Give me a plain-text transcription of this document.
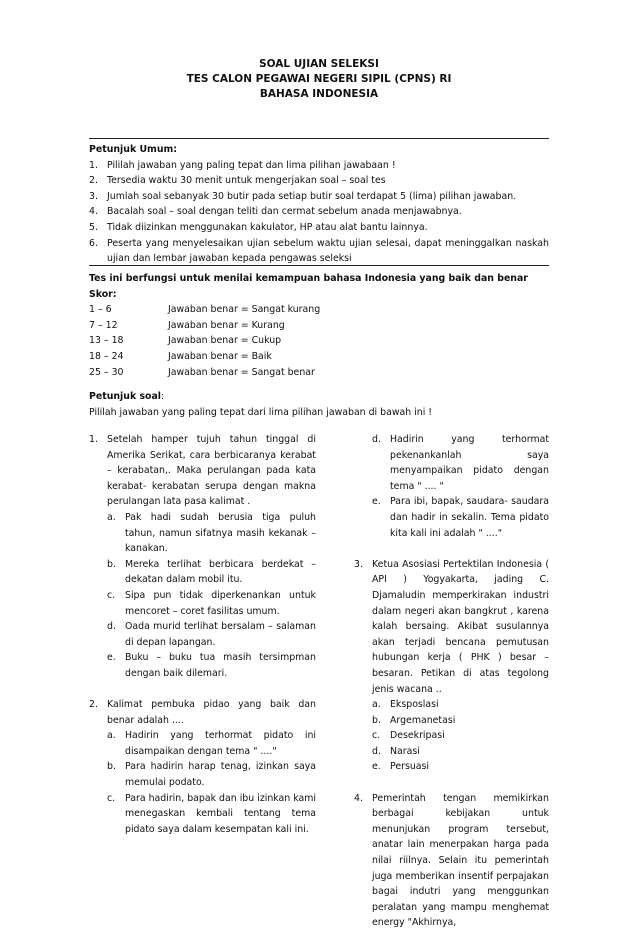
SOAL UJIAN SELEKSI
TES CALON PEGAWAI NEGERI SIPIL (CPNS) RI
BAHASA INDONESIA
Petunjuk Umum:
1. Pililah jawaban yang paling tepat dan lima pilihan jawabaan !
2. Tersedia waktu 30 menit untuk mengerjakan soal – soal tes
3. Jumlah soal sebanyak 30 butir pada setiap butir soal terdapat 5 (lima) pilihan jawaban.
4. Bacalah soal – soal dengan teliti dan cermat sebelum anada menjawabnya.
5. Tidak diizinkan menggunakan kakulator, HP atau alat bantu lainnya.
6. Peserta yang menyelesaikan ujian sebelum waktu ujian selesai, dapat meninggalkan naskah ujian dan lembar jawaban kepada pengawas seleksi
Tes ini berfungsi untuk menilai kemampuan bahasa Indonesia yang baik dan benar
Skor:
1 – 6	Jawaban benar = Sangat kurang
7 – 12	Jawaban benar = Kurang
13 – 18	Jawaban benar = Cukup
18 – 24	Jawaban benar = Baik
25 – 30	Jawaban benar = Sangat benar
Petunjuk soal:
Pililah jawaban yang paling tepat dari lima pilihan jawaban di bawah ini !
1. Setelah hamper tujuh tahun tinggal di Amerika Serikat, cara berbicaranya kerabat – kerabatan,. Maka perulangan pada kata kerabat- kerabatan serupa dengan makna perulangan lata pasa kalimat .
a. Pak hadi sudah berusia tiga puluh tahun, namun sifatnya masih kekanak – kanakan.
b. Mereka terlihat berbicara berdekat – dekatan dalam mobil itu.
c.	Sipa pun tidak diperkenankan untuk mencoret – coret fasilitas umum.
d. Oada murid terlihat bersalam – salaman di depan lapangan.
e. Buku – buku tua masih tersimpman dengan baik dilemari.
2. Kalimat pembuka pidao yang baik dan benar adalah ....
a. Hadirin yang terhormat pidato ini disampaikan dengan tema " ...."
b. Para hadirin harap tenag, izinkan saya memulai podato.
c.	Para hadirin, bapak dan ibu izinkan kami menegaskan kembali tentang tema pidato saya dalam kesempatan kali ini.
d. Hadirin yang terhormat pekenankanlah saya menyampaikan pidato dengan tema " .... "
e. Para ibi, bapak, saudara- saudara dan hadir in sekalin. Tema pidato kita kali ini adalah " ...."
3. Ketua Asosiasi Pertektilan Indonesia ( API ) Yogyakarta, jading C. Djamaludin memperkirakan industri dalam negeri akan bangkrut , karena kalah bersaing. Akibat susulannya akan terjadi bencana pemutusan hubungan kerja ( PHK ) besar – besaran. Petikan di atas tegolong jenis wacana ..
a. Eksposlasi
b. Argemanetasi
c.	Desekripasi
d. Narasi
e. Persuasi
4. Pemerintah tengan memikirkan berbagai kebijakan untuk menunjukan program tersebut, anatar lain menerpakan harga pada nilai riilnya. Selain itu pemerintah juga memberikan insentif perpajakan bagai indutri yang menggunkan peralatan yang mampu menghemat energy "Akhirnya,
